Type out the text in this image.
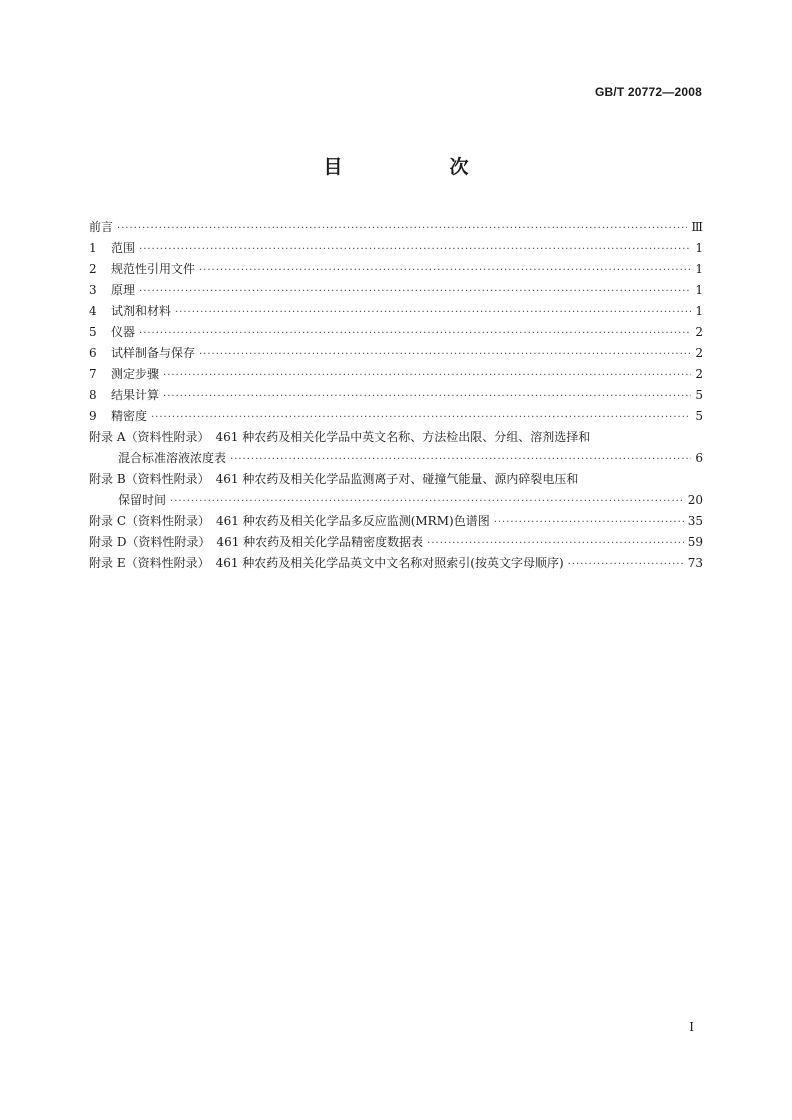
GB/T 20772—2008
目　次
前言 ·····	Ⅲ
1	范围 ·····	1
2	规范性引用文件 ·····	1
3	原理 ·····	1
4	试剂和材料 ·····	1
5	仪器 ·····	2
6	试样制备与保存 ·····	2
7	测定步骤 ·····	2
8	结果计算 ·····	5
9	精密度 ·····	5
附录 A（资料性附录）　461 种农药及相关化学品中英文名称、方法检出限、分组、溶剂选择和
混合标准溶液浓度表 ·····	6
附录 B（资料性附录）　461 种农药及相关化学品监测离子对、碰撞气能量、源内碎裂电压和
保留时间 ·····	20
附录 C（资料性附录）　461 种农药及相关化学品多反应监测(MRM)色谱图 ·····	35
附录 D（资料性附录）　461 种农药及相关化学品精密度数据表 ·····	59
附录 E（资料性附录）　461 种农药及相关化学品英文中文名称对照索引(按英文字母顺序) ·····	73
Ⅰ
